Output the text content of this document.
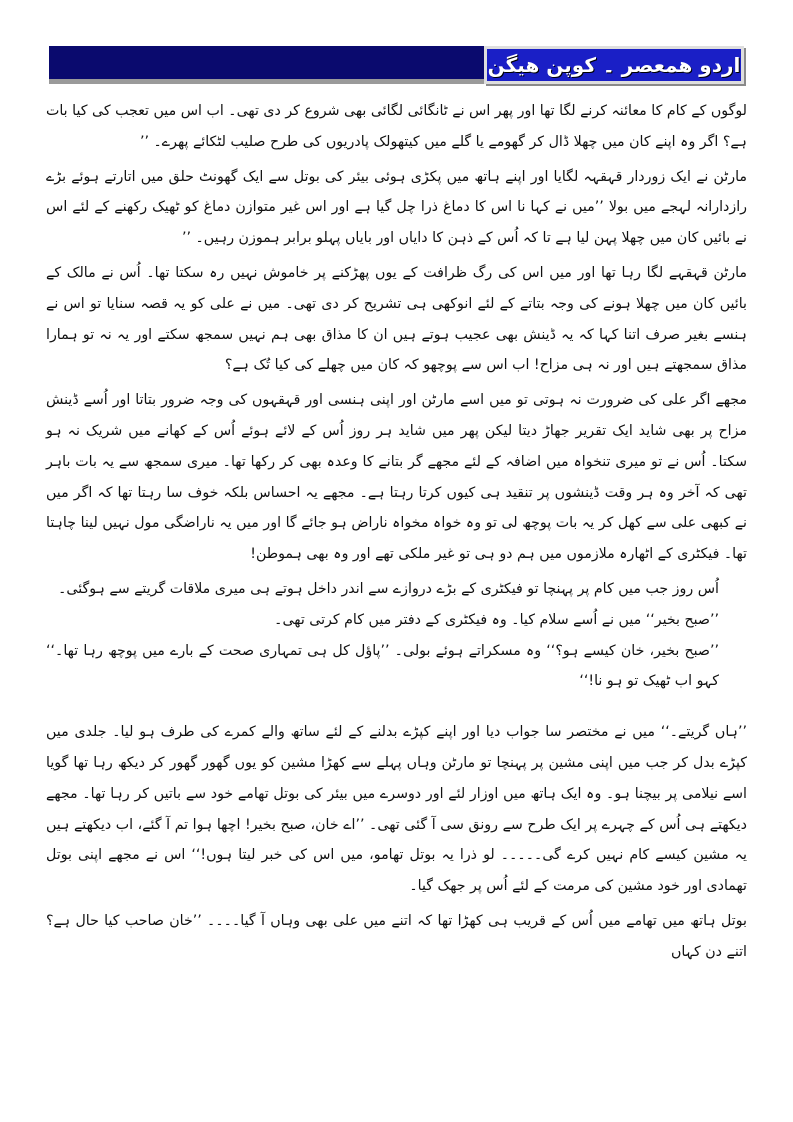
اردو ھمعصر ۔ کوپن ھیگن

لوگوں کے کام کا معائنہ کرنے لگا تھا اور پھر اس نے ٹانگائی لگائی بھی شروع کر دی تھی۔ اب اس میں تعجب کی کیا بات ہے؟ اگر وہ اپنے کان میں چھلا ڈال کر گھومے یا گلے میں کیتھولک پادریوں کی طرح صلیب لٹکائے پھرے۔ ’’

مارٹن نے ایک زوردار قہقہہ لگایا اور اپنے ہاتھ میں پکڑی ہوئی بیئر کی بوتل سے ایک گھونٹ حلق میں اتارتے ہوئے بڑے رازدارانہ لہجے میں بولا ’’میں نے کہا نا اس کا دماغ ذرا چل گیا ہے اور اس غیر متوازن دماغ کو ٹھیک رکھنے کے لئے اس نے بائیں کان میں چھلا پہن لیا ہے تا کہ اُس کے ذہن کا دایاں اور بایاں پہلو برابر ہموزن رہیں۔ ’’

مارٹن قہقہے لگا رہا تھا اور میں اس کی رگ ظرافت کے یوں پھڑکنے پر خاموش نہیں رہ سکتا تھا۔ اُس نے مالک کے بائیں کان میں چھلا ہونے کی وجہ بتاتے کے لئے انوکھی ہی تشریح کر دی تھی۔ میں نے علی کو یہ قصہ سنایا تو اس نے ہنسے بغیر صرف اتنا کہا کہ یہ ڈینش بھی عجیب ہوتے ہیں ان کا مذاق بھی ہم نہیں سمجھ سکتے اور یہ نہ تو ہمارا مذاق سمجھتے ہیں اور نہ ہی مزاح! اب اس سے پوچھو کہ کان میں چھلے کی کیا تُک ہے؟

مجھے اگر علی کی ضرورت نہ ہوتی تو میں اسے مارٹن اور اپنی ہنسی اور قہقہوں کی وجہ ضرور بتاتا اور اُسے ڈینش مزاح پر بھی شاید ایک تقریر جھاڑ دیتا لیکن پھر میں شاید ہر روز اُس کے لائے ہوئے اُس کے کھانے میں شریک نہ ہو سکتا۔ اُس نے تو میری تنخواہ میں اضافہ کے لئے مجھے گر بتانے کا وعدہ بھی کر رکھا تھا۔ میری سمجھ سے یہ بات باہر تھی کہ آخر وہ ہر وقت ڈینشوں پر تنقید ہی کیوں کرتا رہتا ہے۔ مجھے یہ احساس بلکہ خوف سا رہتا تھا کہ اگر میں نے کبھی علی سے کھل کر یہ بات پوچھ لی تو وہ خواہ مخواہ ناراض ہو جائے گا اور میں یہ ناراضگی مول نہیں لینا چاہتا تھا۔ فیکٹری کے اٹھارہ ملازموں میں ہم دو ہی تو غیر ملکی تھے اور وہ بھی ہموطن!

اُس روز جب میں کام پر پہنچا تو فیکٹری کے بڑے دروازے سے اندر داخل ہوتے ہی میری ملاقات گریتے سے ہوگئی۔

’’صبح بخیر‘‘ میں نے اُسے سلام کیا۔ وہ فیکٹری کے دفتر میں کام کرتی تھی۔

’’صبح بخیر، خان کیسے ہو؟‘‘ وہ مسکراتے ہوئے بولی۔ ’’پاؤل کل ہی تمہاری صحت کے بارے میں پوچھ رہا تھا۔‘‘ کہو اب ٹھیک تو ہو نا!‘‘

’’ہاں گریتے۔‘‘ میں نے مختصر سا جواب دیا اور اپنے کپڑے بدلنے کے لئے ساتھ والے کمرے کی طرف ہو لیا۔ جلدی میں کپڑے بدل کر جب میں اپنی مشین پر پہنچا تو مارٹن وہاں پہلے سے کھڑا مشین کو یوں گھور گھور کر دیکھ رہا تھا گویا اسے نیلامی پر بیچنا ہو۔ وہ ایک ہاتھ میں اوزار لئے اور دوسرے میں بیئر کی بوتل تھامے خود سے باتیں کر رہا تھا۔ مجھے دیکھتے ہی اُس کے چہرے پر ایک طرح سے رونق سی آ گئی تھی۔ ’’اے خان، صبح بخیر! اچھا ہوا تم آ گئے، اب دیکھتے ہیں یہ مشین کیسے کام نہیں کرے گی۔۔۔۔۔ لو ذرا یہ بوتل تھامو، میں اس کی خبر لیتا ہوں!‘‘ اس نے مجھے اپنی بوتل تھمادی اور خود مشین کی مرمت کے لئے اُس پر جھک گیا۔

بوتل ہاتھ میں تھامے میں اُس کے قریب ہی کھڑا تھا کہ اتنے میں علی بھی وہاں آ گیا۔۔۔۔ ’’خان صاحب کیا حال ہے؟ اتنے دن کہاں
